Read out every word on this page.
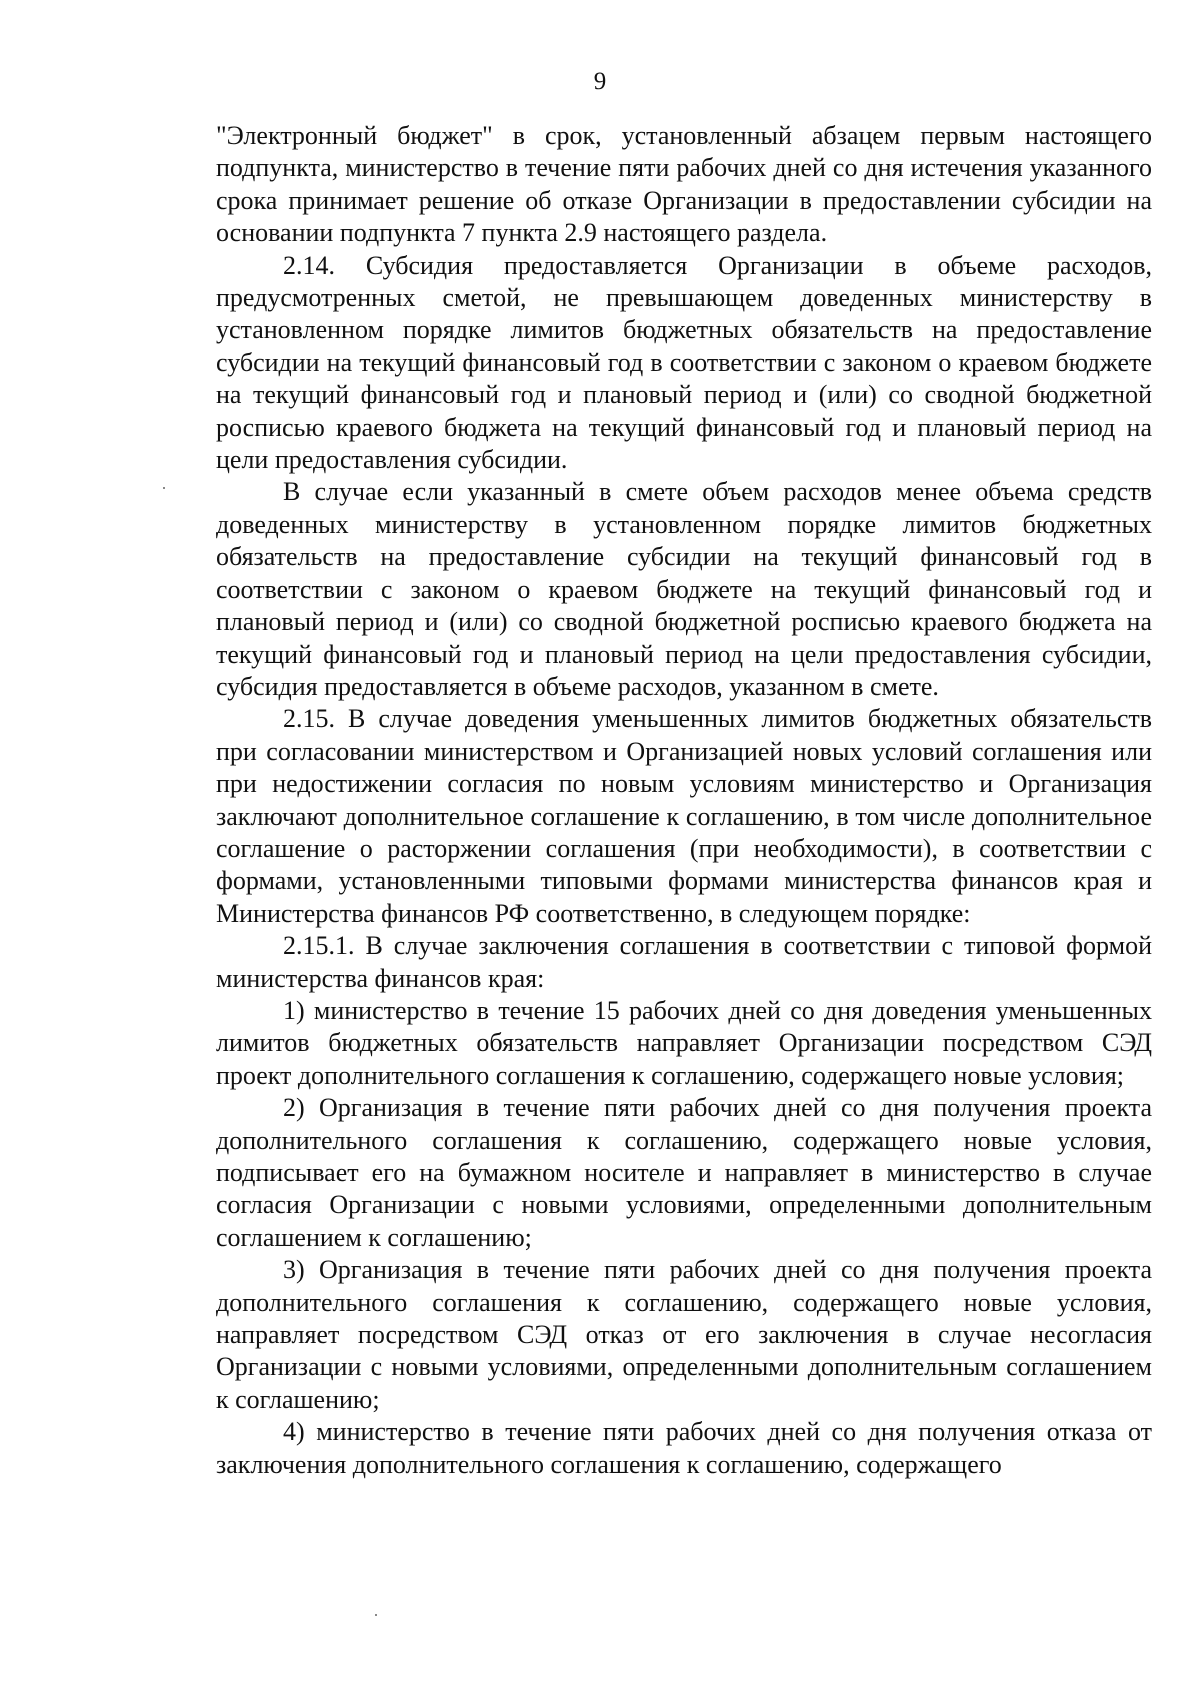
9

"Электронный бюджет" в срок, установленный абзацем первым настоящего подпункта, министерство в течение пяти рабочих дней со дня истечения указанного срока принимает решение об отказе Организации в предоставлении субсидии на основании подпункта 7 пункта 2.9 настоящего раздела.

2.14. Субсидия предоставляется Организации в объеме расходов, предусмотренных сметой, не превышающем доведенных министерству в установленном порядке лимитов бюджетных обязательств на предоставление субсидии на текущий финансовый год в соответствии с законом о краевом бюджете на текущий финансовый год и плановый период и (или) со сводной бюджетной росписью краевого бюджета на текущий финансовый год и плановый период на цели предоставления субсидии.

В случае если указанный в смете объем расходов менее объема средств доведенных министерству в установленном порядке лимитов бюджетных обязательств на предоставление субсидии на текущий финансовый год в соответствии с законом о краевом бюджете на текущий финансовый год и плановый период и (или) со сводной бюджетной росписью краевого бюджета на текущий финансовый год и плановый период на цели предоставления субсидии, субсидия предоставляется в объеме расходов, указанном в смете.

2.15. В случае доведения уменьшенных лимитов бюджетных обязательств при согласовании министерством и Организацией новых условий соглашения или при недостижении согласия по новым условиям министерство и Организация заключают дополнительное соглашение к соглашению, в том числе дополнительное соглашение о расторжении соглашения (при необходимости), в соответствии с формами, установленными типовыми формами министерства финансов края и Министерства финансов РФ соответственно, в следующем порядке:

2.15.1. В случае заключения соглашения в соответствии с типовой формой министерства финансов края:

1) министерство в течение 15 рабочих дней со дня доведения уменьшенных лимитов бюджетных обязательств направляет Организации посредством СЭД проект дополнительного соглашения к соглашению, содержащего новые условия;

2) Организация в течение пяти рабочих дней со дня получения проекта дополнительного соглашения к соглашению, содержащего новые условия, подписывает его на бумажном носителе и направляет в министерство в случае согласия Организации с новыми условиями, определенными дополнительным соглашением к соглашению;

3) Организация в течение пяти рабочих дней со дня получения проекта дополнительного соглашения к соглашению, содержащего новые условия, направляет посредством СЭД отказ от его заключения в случае несогласия Организации с новыми условиями, определенными дополнительным соглашением к соглашению;

4) министерство в течение пяти рабочих дней со дня получения отказа от заключения дополнительного соглашения к соглашению, содержащего
